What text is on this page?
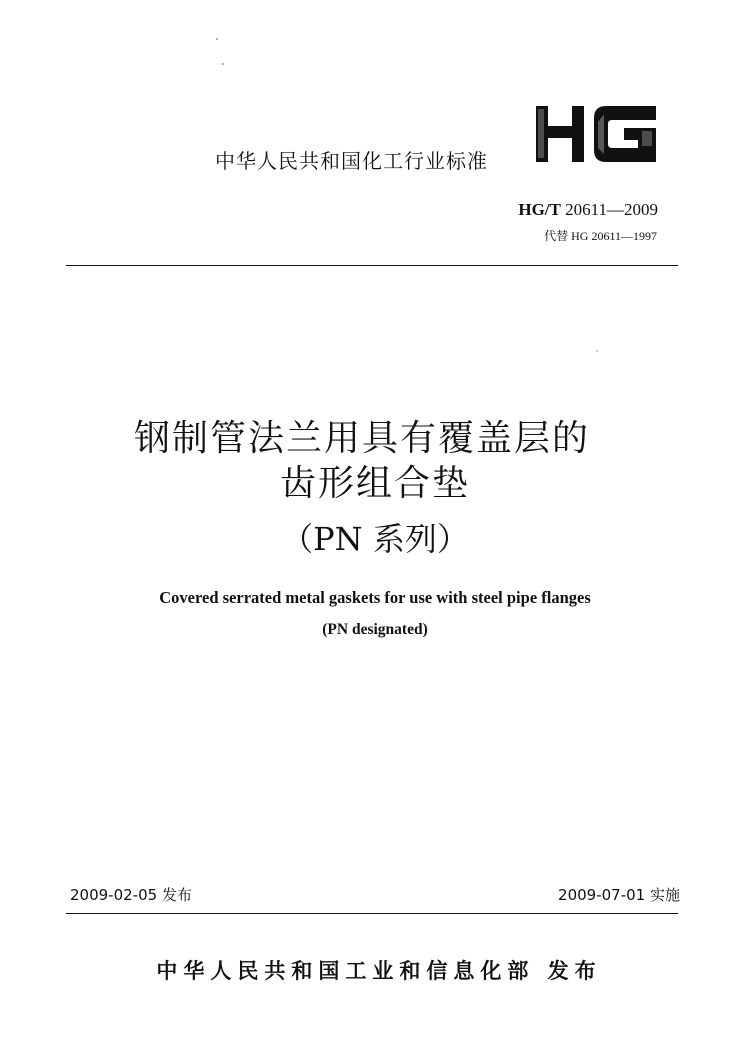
中华人民共和国化工行业标准
HG/T 20611—2009
代替 HG 20611—1997
钢制管法兰用具有覆盖层的
齿形组合垫
（PN 系列）
Covered serrated metal gaskets for use with steel pipe flanges
(PN designated)
2009-02-05 发布	2009-07-01 实施
中华人民共和国工业和信息化部 发布
